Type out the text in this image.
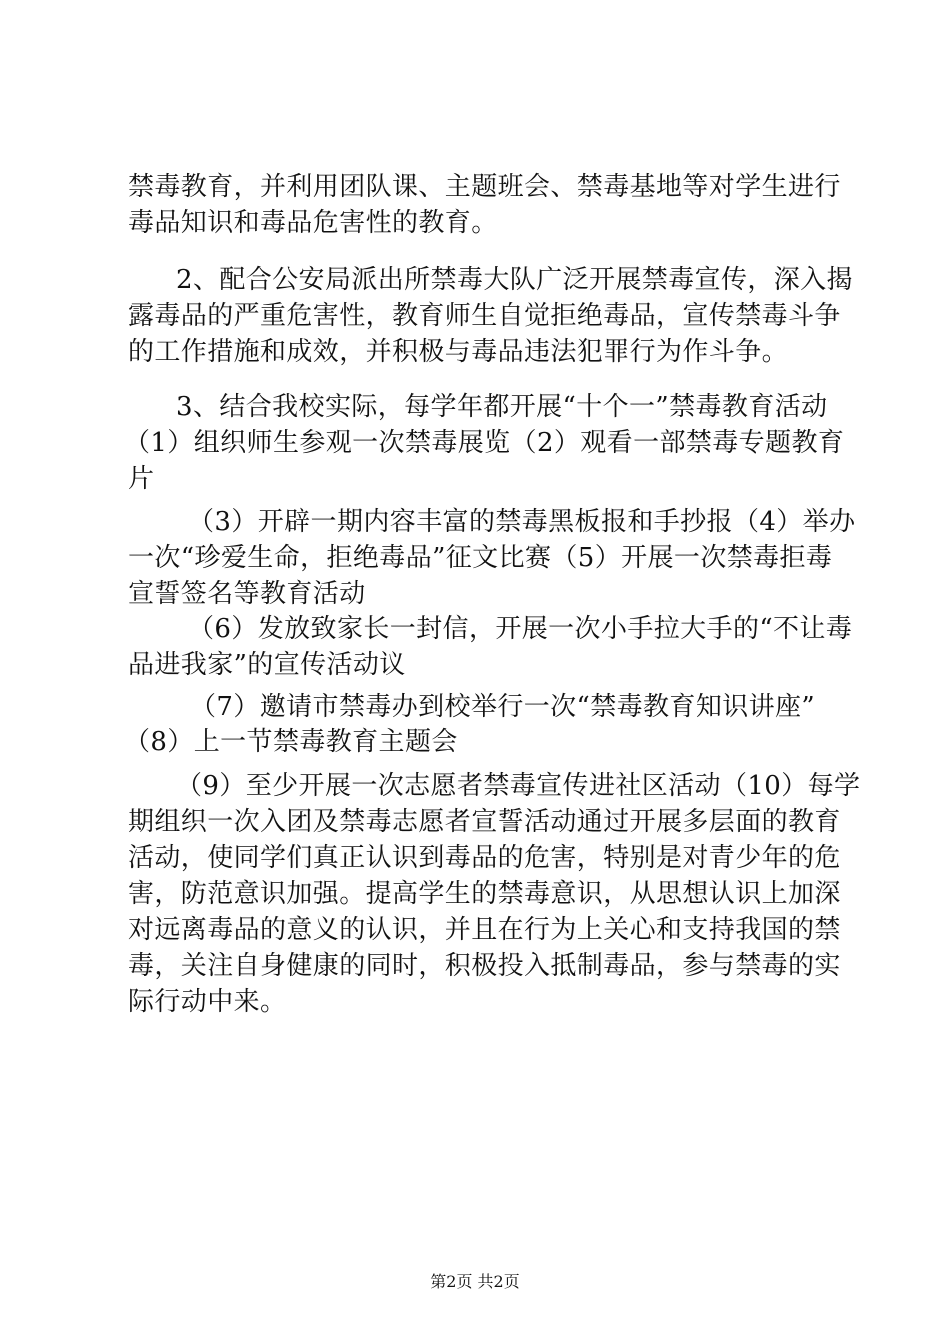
禁毒教育，并利用团队课、主题班会、禁毒基地等对学生进行
毒品知识和毒品危害性的教育。
2、配合公安局派出所禁毒大队广泛开展禁毒宣传，深入揭
露毒品的严重危害性，教育师生自觉拒绝毒品，宣传禁毒斗争
的工作措施和成效，并积极与毒品违法犯罪行为作斗争。
3、结合我校实际，每学年都开展“十个一”禁毒教育活动
（1）组织师生参观一次禁毒展览（2）观看一部禁毒专题教育
片
（3）开辟一期内容丰富的禁毒黑板报和手抄报（4）举办
一次“珍爱生命，拒绝毒品”征文比赛（5）开展一次禁毒拒毒
宣誓签名等教育活动
（6）发放致家长一封信，开展一次小手拉大手的“不让毒
品进我家”的宣传活动议
（7）邀请市禁毒办到校举行一次“禁毒教育知识讲座”
（8）上一节禁毒教育主题会
（9）至少开展一次志愿者禁毒宣传进社区活动（10）每学
期组织一次入团及禁毒志愿者宣誓活动通过开展多层面的教育
活动，使同学们真正认识到毒品的危害，特别是对青少年的危
害，防范意识加强。提高学生的禁毒意识，从思想认识上加深
对远离毒品的意义的认识，并且在行为上关心和支持我国的禁
毒，关注自身健康的同时，积极投入抵制毒品，参与禁毒的实
际行动中来。
第2页 共2页
